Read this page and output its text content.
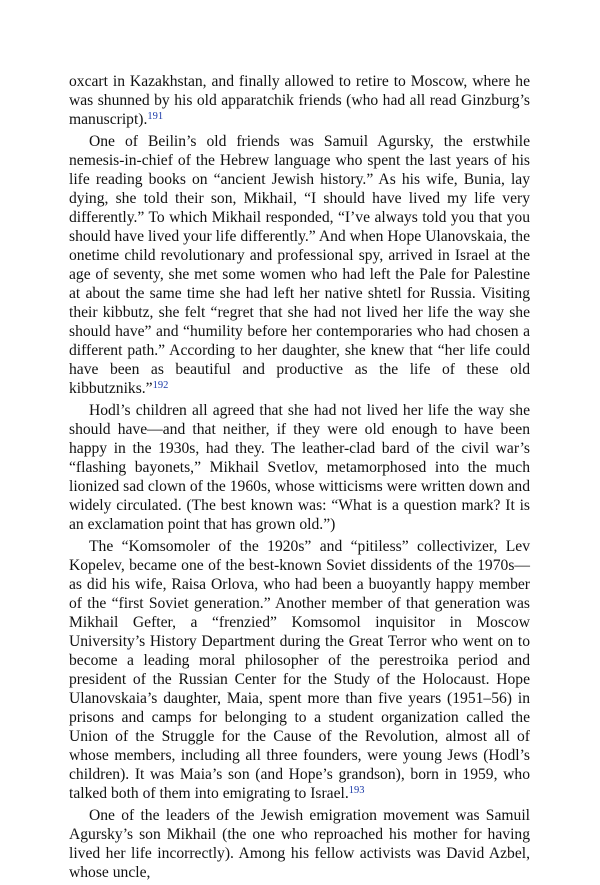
oxcart in Kazakhstan, and finally allowed to retire to Moscow, where he was shunned by his old apparatchik friends (who had all read Ginzburg’s manuscript).$^{191}$

One of Beilin’s old friends was Samuil Agursky, the erstwhile nemesis-in-chief of the Hebrew language who spent the last years of his life reading books on “ancient Jewish history.” As his wife, Bunia, lay dying, she told their son, Mikhail, “I should have lived my life very differently.” To which Mikhail responded, “I’ve always told you that you should have lived your life differently.” And when Hope Ulanovskaia, the onetime child revolutionary and professional spy, arrived in Israel at the age of seventy, she met some women who had left the Pale for Palestine at about the same time she had left her native shtetl for Russia. Visiting their kibbutz, she felt “regret that she had not lived her life the way she should have” and “humility before her contemporaries who had chosen a different path.” According to her daughter, she knew that “her life could have been as beautiful and productive as the life of these old kibbutzniks.”$^{192}$

Hodl’s children all agreed that she had not lived her life the way she should have—and that neither, if they were old enough to have been happy in the 1930s, had they. The leather-clad bard of the civil war’s “flashing bayonets,” Mikhail Svetlov, metamorphosed into the much lionized sad clown of the 1960s, whose witticisms were written down and widely circulated. (The best known was: “What is a question mark? It is an exclamation point that has grown old.”)

The “Komsomoler of the 1920s” and “pitiless” collectivizer, Lev Kopelev, became one of the best-known Soviet dissidents of the 1970s—as did his wife, Raisa Orlova, who had been a buoyantly happy member of the “first Soviet generation.” Another member of that generation was Mikhail Gefter, a “frenzied” Komsomol inquisitor in Moscow University’s History Department during the Great Terror who went on to become a leading moral philosopher of the perestroika period and president of the Russian Center for the Study of the Holocaust. Hope Ulanovskaia’s daughter, Maia, spent more than five years (1951–56) in prisons and camps for belonging to a student organization called the Union of the Struggle for the Cause of the Revolution, almost all of whose members, including all three founders, were young Jews (Hodl’s children). It was Maia’s son (and Hope’s grandson), born in 1959, who talked both of them into emigrating to Israel.$^{193}$

One of the leaders of the Jewish emigration movement was Samuil Agursky’s son Mikhail (the one who reproached his mother for having lived her life incorrectly). Among his fellow activists was David Azbel, whose uncle,
